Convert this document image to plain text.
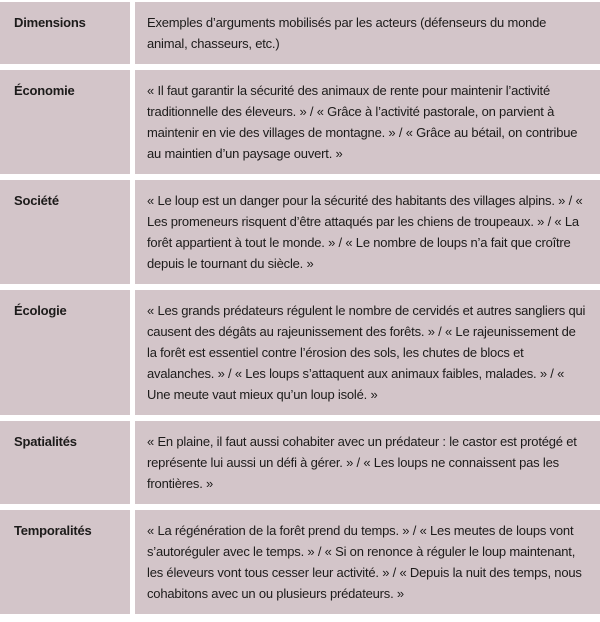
Dimensions	Exemples d’arguments mobilisés par les acteurs (défenseurs du monde animal, chasseurs, etc.)
Économie	« Il faut garantir la sécurité des animaux de rente pour maintenir l’activité traditionnelle des éleveurs. » / « Grâce à l’activité pastorale, on parvient à maintenir en vie des villages de montagne. » / « Grâce au bétail, on contribue au maintien d’un paysage ouvert. »
Société	« Le loup est un danger pour la sécurité des habitants des villages alpins. » / « Les promeneurs risquent d’être attaqués par les chiens de troupeaux. » / « La forêt appartient à tout le monde. » / « Le nombre de loups n’a fait que croître depuis le tournant du siècle. »
Écologie	« Les grands prédateurs régulent le nombre de cervidés et autres sangliers qui causent des dégâts au rajeunissement des forêts. » / « Le rajeunissement de la forêt est essentiel contre l’érosion des sols, les chutes de blocs et avalanches. » / « Les loups s’attaquent aux animaux faibles, malades. » / « Une meute vaut mieux qu’un loup isolé. »
Spatialités	« En plaine, il faut aussi cohabiter avec un prédateur : le castor est protégé et représente lui aussi un défi à gérer. » / « Les loups ne connaissent pas les frontières. »
Temporalités	« La régénération de la forêt prend du temps. » / « Les meutes de loups vont s’autoréguler avec le temps. » / « Si on renonce à réguler le loup maintenant, les éleveurs vont tous cesser leur activité. » / « Depuis la nuit des temps, nous cohabitons avec un ou plusieurs prédateurs. »
